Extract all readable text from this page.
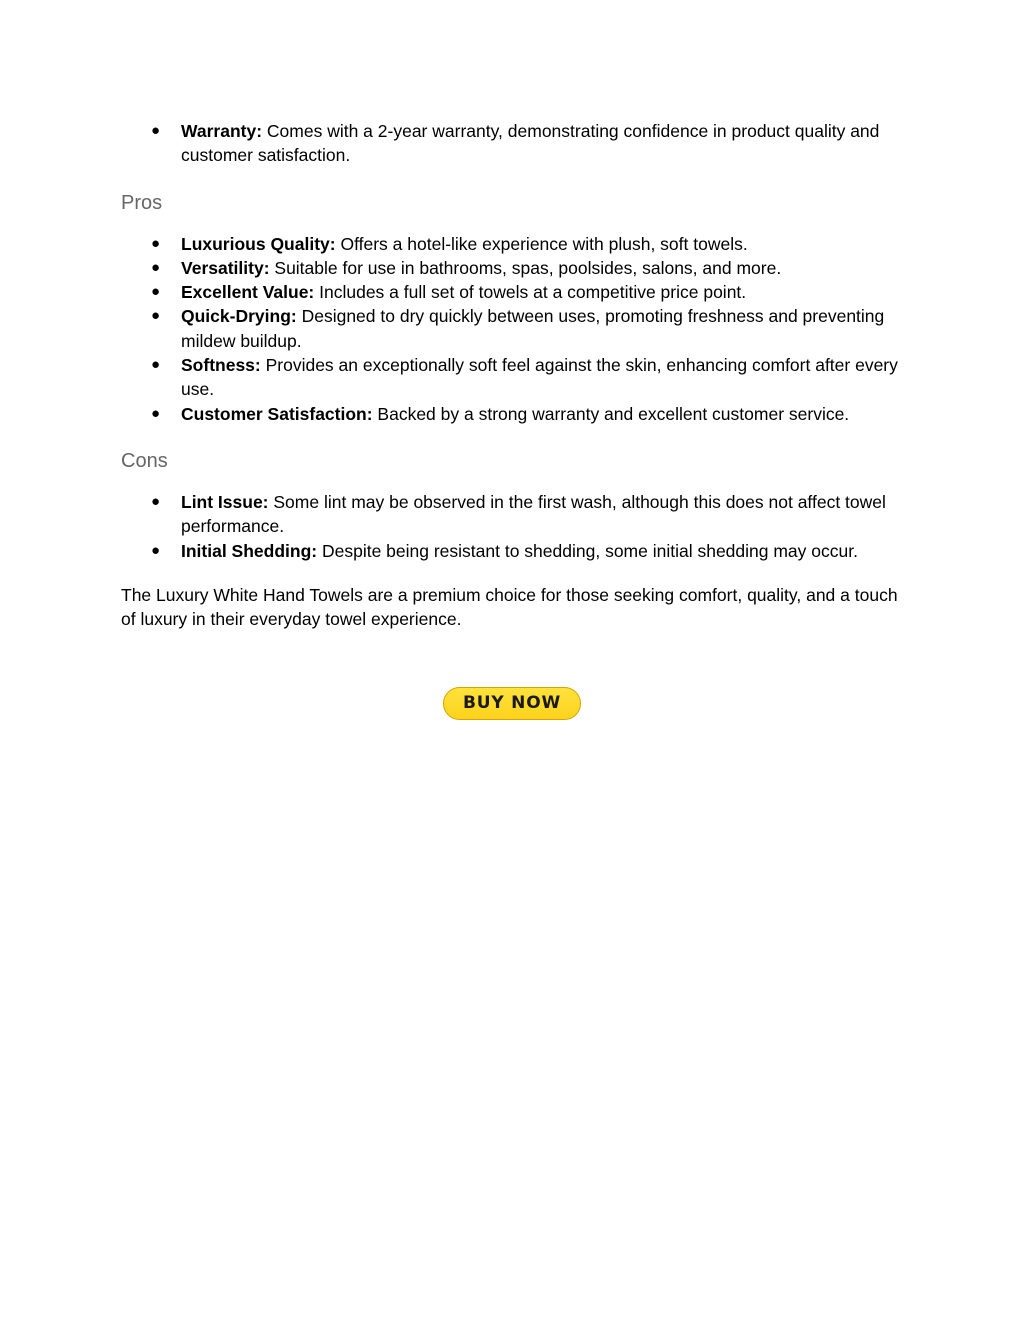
● Warranty: Comes with a 2-year warranty, demonstrating confidence in product quality and customer satisfaction.
Pros
● Luxurious Quality: Offers a hotel-like experience with plush, soft towels.
● Versatility: Suitable for use in bathrooms, spas, poolsides, salons, and more.
● Excellent Value: Includes a full set of towels at a competitive price point.
● Quick-Drying: Designed to dry quickly between uses, promoting freshness and preventing mildew buildup.
● Softness: Provides an exceptionally soft feel against the skin, enhancing comfort after every use.
● Customer Satisfaction: Backed by a strong warranty and excellent customer service.
Cons
● Lint Issue: Some lint may be observed in the first wash, although this does not affect towel performance.
● Initial Shedding: Despite being resistant to shedding, some initial shedding may occur.

The Luxury White Hand Towels are a premium choice for those seeking comfort, quality, and a touch of luxury in their everyday towel experience.

BUY NOW
